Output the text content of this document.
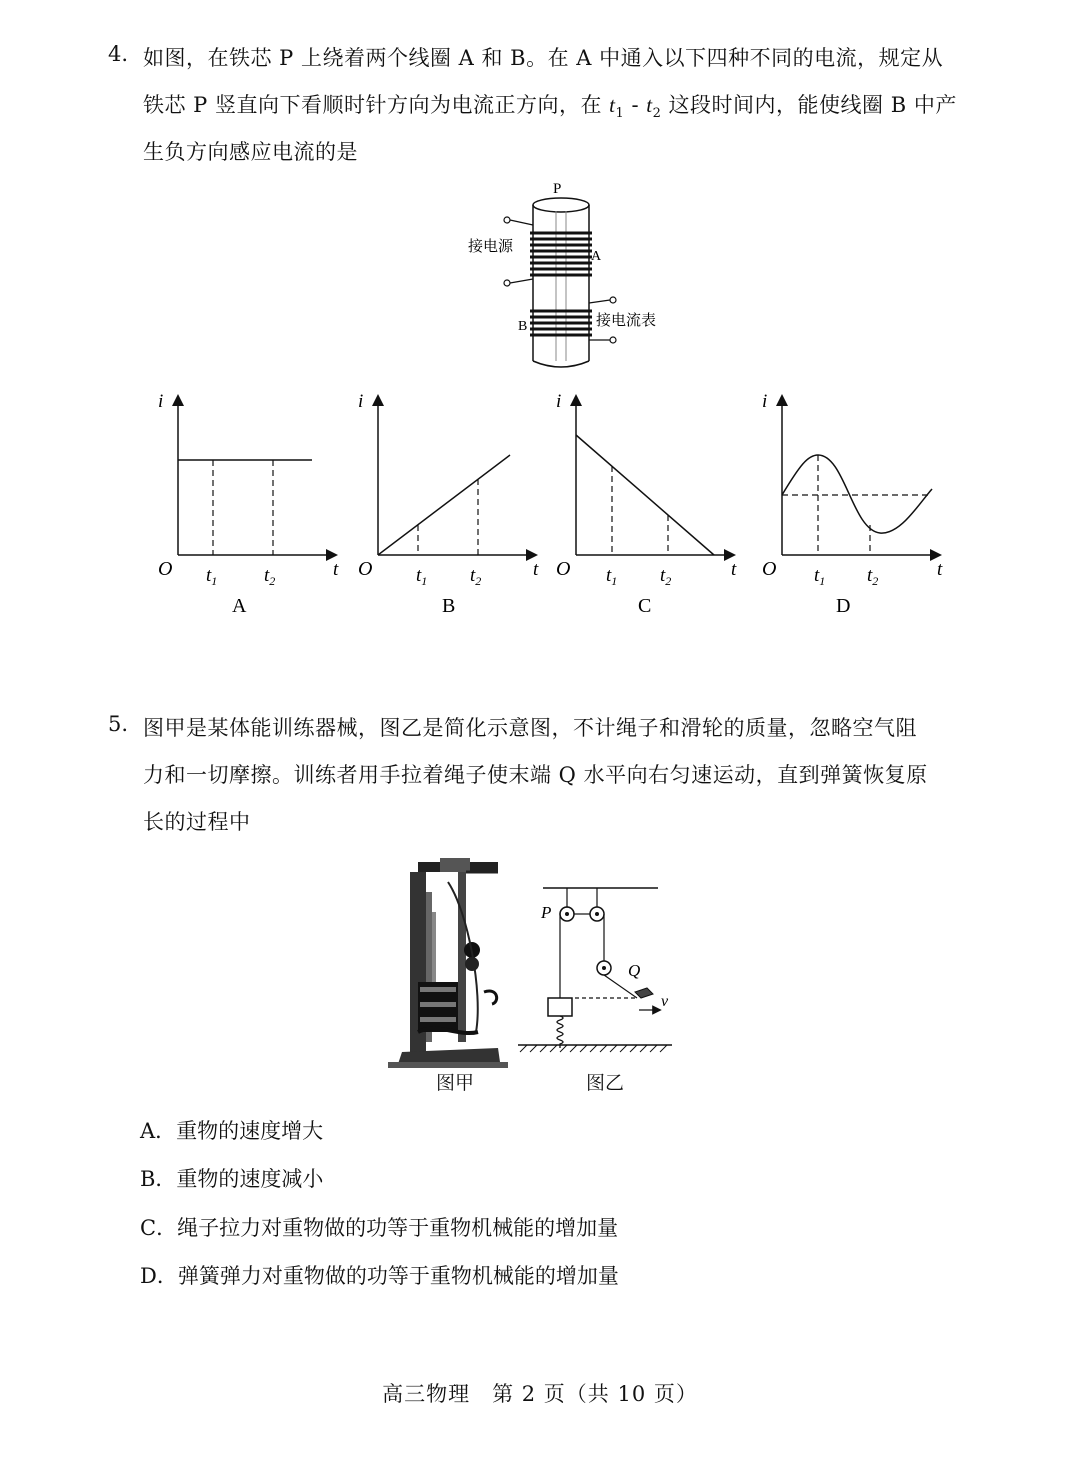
4. 如图，在铁芯 P 上绕着两个线圈 A 和 B。在 A 中通入以下四种不同的电流，规定从
铁芯 P 竖直向下看顺时针方向为电流正方向，在 $t_1 - t_2$ 这段时间内，能使线圈 B 中产
生负方向感应电流的是
P
A
接电源
B	接电流表
i
O $t_1$ $t_2$
t
A
i
O $t_1$ $t_2$
t
B
i
O $t_1$ $t_2$
t
C
i
O $t_1$ $t_2$
t
D
5. 图甲是某体能训练器械，图乙是简化示意图，不计绳子和滑轮的质量，忽略空气阻
力和一切摩擦。训练者用手拉着绳子使末端 Q 水平向右匀速运动，直到弹簧恢复原
长的过程中
P
Q
v
图甲	图乙
A．重物的速度增大
B．重物的速度减小
C．绳子拉力对重物做的功等于重物机械能的增加量
D．弹簧弹力对重物做的功等于重物机械能的增加量
高三物理　第 2 页（共 10 页）
